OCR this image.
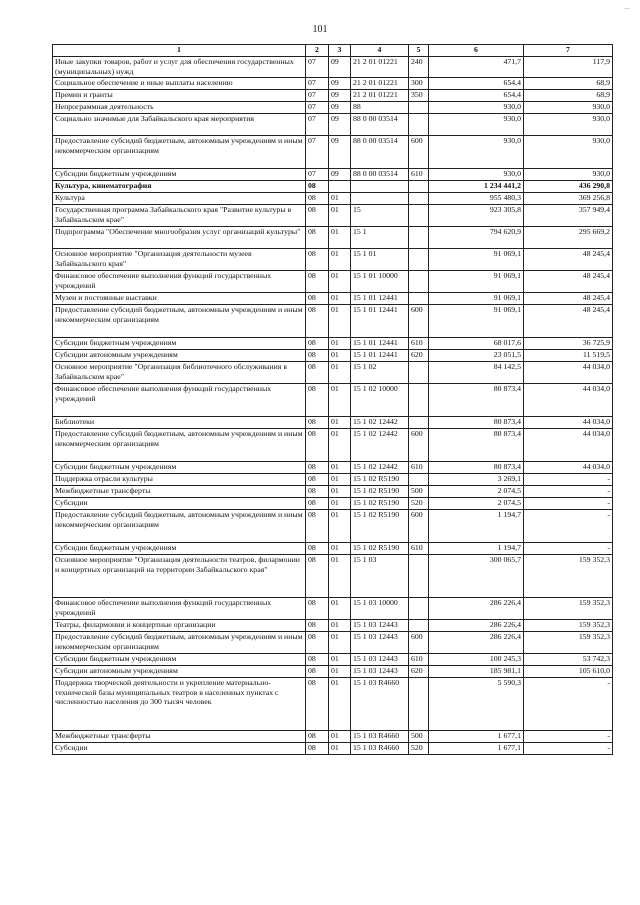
101
...
1	2	3	4	5	6	7
Иные закупки товаров, работ и услуг для обеспечения государственных (муниципальных) нужд	07	09	21 2 01 01221	240	471,7	117,9
Социальное обеспечение и иные выплаты населению	07	09	21 2 01 01221	300	654,4	68,9
Премии и гранты	07	09	21 2 01 01221	350	654,4	68,9
Непрограммная деятельность	07	09	88		930,0	930,0
Социально значимые для Забайкальского края мероприятия	07	09	88 0 00 03514		930,0	930,0
Предоставление субсидий бюджетным, автономным учреждениям и иным некоммерческим организациям	07	09	88 0 00 03514	600	930,0	930,0
Субсидии бюджетным учреждениям	07	09	88 0 00 03514	610	930,0	930,0
Культура, кинематография	08				1 234 441,2	436 290,8
Культура	08	01			955 480,3	369 256,8
Государственная программа Забайкальского края "Развитие культуры в Забайкальском крае"	08	01	15		923 305,8	357 949,4
Подпрограмма "Обеспечение многообразия услуг организаций культуры"	08	01	15 1		794 620,9	295 669,2
Основное мероприятие "Организация деятельности музеев Забайкальского края"	08	01	15 1 01		91 069,1	48 245,4
Финансовое обеспечение выполнения функций государственных учреждений	08	01	15 1 01 10000		91 069,1	48 245,4
Музеи и постоянные выставки	08	01	15 1 01 12441		91 069,1	48 245,4
Предоставление субсидий бюджетным, автономным учреждениям и иным некоммерческим организациям	08	01	15 1 01 12441	600	91 069,1	48 245,4
Субсидии бюджетным учреждениям	08	01	15 1 01 12441	610	68 017,6	36 725,9
Субсидии автономным учреждениям	08	01	15 1 01 12441	620	23 051,5	11 519,5
Основное мероприятие "Организация библиотечного обслуживания в Забайкальском крае"	08	01	15 1 02		84 142,5	44 034,0
Финансовое обеспечение выполнения функций государственных учреждений	08	01	15 1 02 10000		80 873,4	44 034,0
Библиотеки	08	01	15 1 02 12442		80 873,4	44 034,0
Предоставление субсидий бюджетным, автономным учреждениям и иным некоммерческим организациям	08	01	15 1 02 12442	600	80 873,4	44 034,0
Субсидии бюджетным учреждениям	08	01	15 1 02 12442	610	80 873,4	44 034,0
Поддержка отрасли культуры	08	01	15 1 02 R5190		3 269,1	-
Межбюджетные трансферты	08	01	15 1 02 R5190	500	2 074,5	-
Субсидии	08	01	15 1 02 R5190	520	2 074,5	-
Предоставление субсидий бюджетным, автономным учреждениям и иным некоммерческим организациям	08	01	15 1 02 R5190	600	1 194,7	-
Субсидии бюджетным учреждениям	08	01	15 1 02 R5190	610	1 194,7	-
Основное мероприятие "Организация деятельности театров, филармонии и концертных организаций на территории Забайкальского края"	08	01	15 1 03		300 065,7	159 352,3
Финансовое обеспечение выполнения функций государственных учреждений	08	01	15 1 03 10000		286 226,4	159 352,3
Театры, филармонии и концертные организации	08	01	15 1 03 12443		286 226,4	159 352,3
Предоставление субсидий бюджетным, автономным учреждениям и иным некоммерческим организациям	08	01	15 1 03 12443	600	286 226,4	159 352,3
Субсидии бюджетным учреждениям	08	01	15 1 03 12443	610	100 245,3	53 742,3
Субсидии автономным учреждениям	08	01	15 1 03 12443	620	185 981,1	105 610,0
Поддержка творческой деятельности и укрепление материально-технической базы муниципальных театров в населенных пунктах с численностью населения до 300 тысяч человек	08	01	15 1 03 R4660		5 590,3	-
Межбюджетные трансферты	08	01	15 1 03 R4660	500	1 677,1	-
Субсидии	08	01	15 1 03 R4660	520	1 677,1	-
